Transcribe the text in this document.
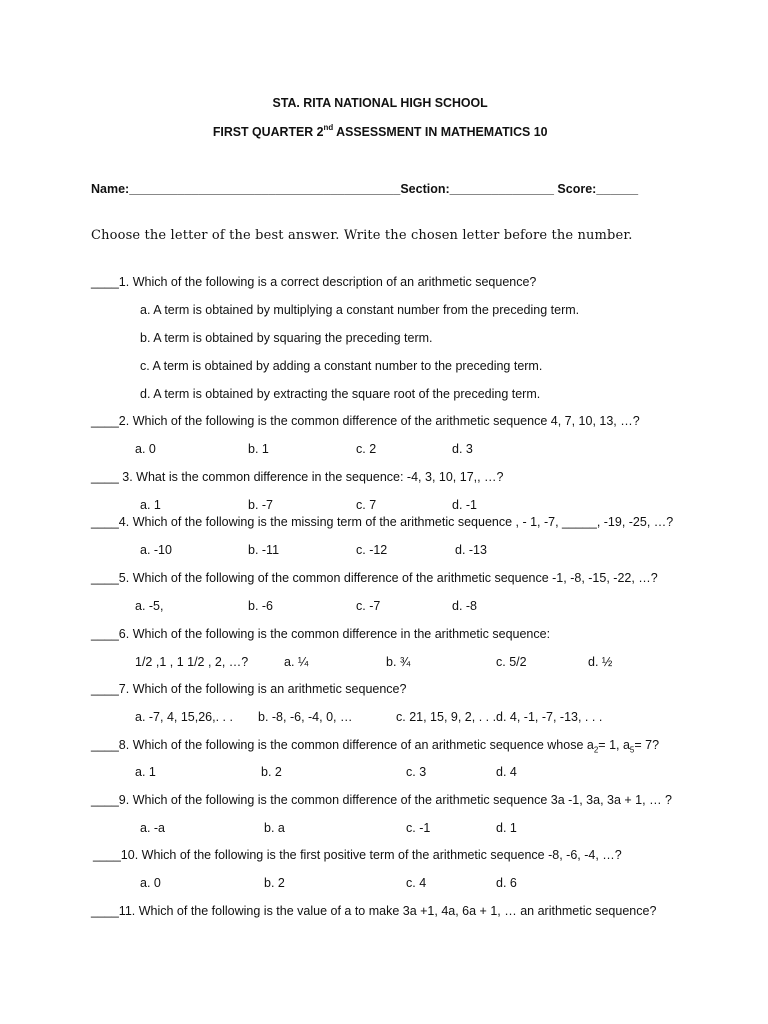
STA. RITA NATIONAL HIGH SCHOOL
FIRST QUARTER 2nd ASSESSMENT IN MATHEMATICS 10
Name:_______________________________________Section:_______________ Score:______
Choose the letter of the best answer. Write the chosen letter before the number.
____1. Which of the following is a correct description of an arithmetic sequence?
a. A term is obtained by multiplying a constant number from the preceding term.
b. A term is obtained by squaring the preceding term.
c. A term is obtained by adding a constant number to the preceding term.
d. A term is obtained by extracting the square root of the preceding term.
____2. Which of the following is the common difference of the arithmetic sequence 4, 7, 10, 13, …?
a. 0	b. 1	c. 2	d. 3
____ 3. What is the common difference in the sequence: -4, 3, 10, 17,, …?
a. 1	b. -7	c. 7	d. -1
____4. Which of the following is the missing term of the arithmetic sequence , - 1, -7, _____, -19, -25, …?
a. -10	b. -11	c. -12	d. -13
____5. Which of the following of the common difference of the arithmetic sequence -1, -8, -15, -22, …?
a. -5,	b. -6	c. -7	d. -8
____6. Which of the following is the common difference in the arithmetic sequence:
1/2 ,1 , 1 1/2 , 2, …?	a. ¼	b. ¾	c. 5/2	d. ½
____7. Which of the following is an arithmetic sequence?
a. -7, 4, 15,26,. . . b. -8, -6, -4, 0, …	c. 21, 15, 9, 2, . . . d. 4, -1, -7, -13, . . .
____8. Which of the following is the common difference of an arithmetic sequence whose $a_2= 1$, $a_5= 7$?
a. 1	b. 2	c. 3	d. 4
____9. Which of the following is the common difference of the arithmetic sequence 3a -1, 3a, 3a + 1, … ?
a. -a	b. a	c. -1	d. 1
____10. Which of the following is the first positive term of the arithmetic sequence -8, -6, -4, …?
a. 0	b. 2	c. 4	d. 6
____11. Which of the following is the value of a to make 3a +1, 4a, 6a + 1, … an arithmetic sequence?
